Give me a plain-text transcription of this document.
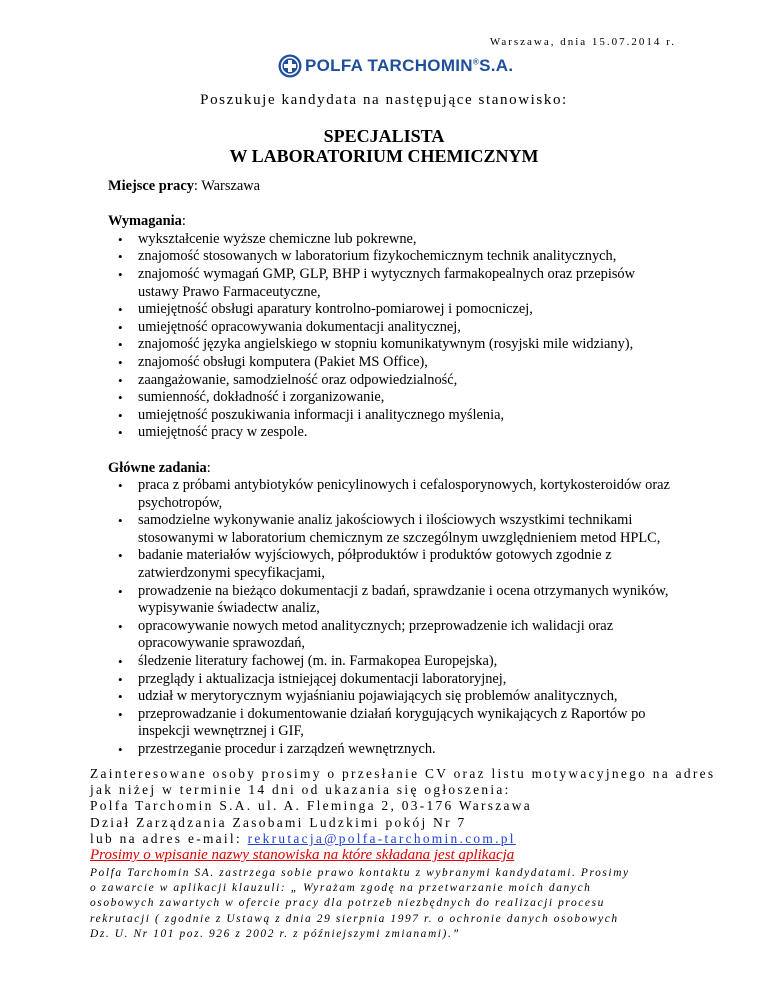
Warszawa, dnia 15.07.2014 r.
POLFA TARCHOMIN®S.A.
Poszukuje kandydata na następujące stanowisko:
SPECJALISTA
W LABORATORIUM CHEMICZNYM

Miejsce pracy: Warszawa

Wymagania:

• wykształcenie wyższe chemiczne lub pokrewne,
• znajomość stosowanych w laboratorium fizykochemicznym technik analitycznych,
• znajomość wymagań GMP, GLP, BHP i wytycznych farmakopealnych oraz przepisów ustawy Prawo Farmaceutyczne,
• umiejętność obsługi aparatury kontrolno-pomiarowej i pomocniczej,
• umiejętność opracowywania dokumentacji analitycznej,
• znajomość języka angielskiego w stopniu komunikatywnym (rosyjski mile widziany),
• znajomość obsługi komputera (Pakiet MS Office),
• zaangażowanie, samodzielność oraz odpowiedzialność,
• sumienność, dokładność i zorganizowanie,
• umiejętność poszukiwania informacji i analitycznego myślenia,
• umiejętność pracy w zespole.

Główne zadania:

• praca z próbami antybiotyków penicylinowych i cefalosporynowych, kortykosteroidów oraz psychotropów,
• samodzielne wykonywanie analiz jakościowych i ilościowych wszystkimi technikami stosowanymi w laboratorium chemicznym ze szczególnym uwzględnieniem metod HPLC,
• badanie materiałów wyjściowych, półproduktów i produktów gotowych zgodnie z zatwierdzonymi specyfikacjami,
• prowadzenie na bieżąco dokumentacji z badań, sprawdzanie i ocena otrzymanych wyników, wypisywanie świadectw analiz,
• opracowywanie nowych metod analitycznych; przeprowadzenie ich walidacji oraz opracowywanie sprawozdań,
• śledzenie literatury fachowej (m. in. Farmakopea Europejska),
• przeglądy i aktualizacja istniejącej dokumentacji laboratoryjnej,
• udział w merytorycznym wyjaśnianiu pojawiających się problemów analitycznych,
• przeprowadzanie i dokumentowanie działań korygujących wynikających z Raportów po inspekcji wewnętrznej i GIF,
• przestrzeganie procedur i zarządzeń wewnętrznych.
Zainteresowane osoby prosimy o przesłanie CV oraz listu motywacyjnego na adres
jak niżej w terminie 14 dni od ukazania się ogłoszenia:
Polfa Tarchomin S.A. ul. A. Fleminga 2, 03-176 Warszawa
Dział Zarządzania Zasobami Ludzkimi pokój Nr 7
lub na adres e-mail: rekrutacja@polfa-tarchomin.com.pl
Prosimy o wpisanie nazwy stanowiska na które składana jest aplikacja
Polfa Tarchomin SA. zastrzega sobie prawo kontaktu z wybranymi kandydatami. Prosimy
o zawarcie w aplikacji klauzuli: „ Wyrażam zgodę na przetwarzanie moich danych
osobowych zawartych w ofercie pracy dla potrzeb niezbędnych do realizacji procesu
rekrutacji ( zgodnie z Ustawą z dnia 29 sierpnia 1997 r. o ochronie danych osobowych
Dz. U. Nr 101 poz. 926 z 2002 r. z późniejszymi zmianami).”
